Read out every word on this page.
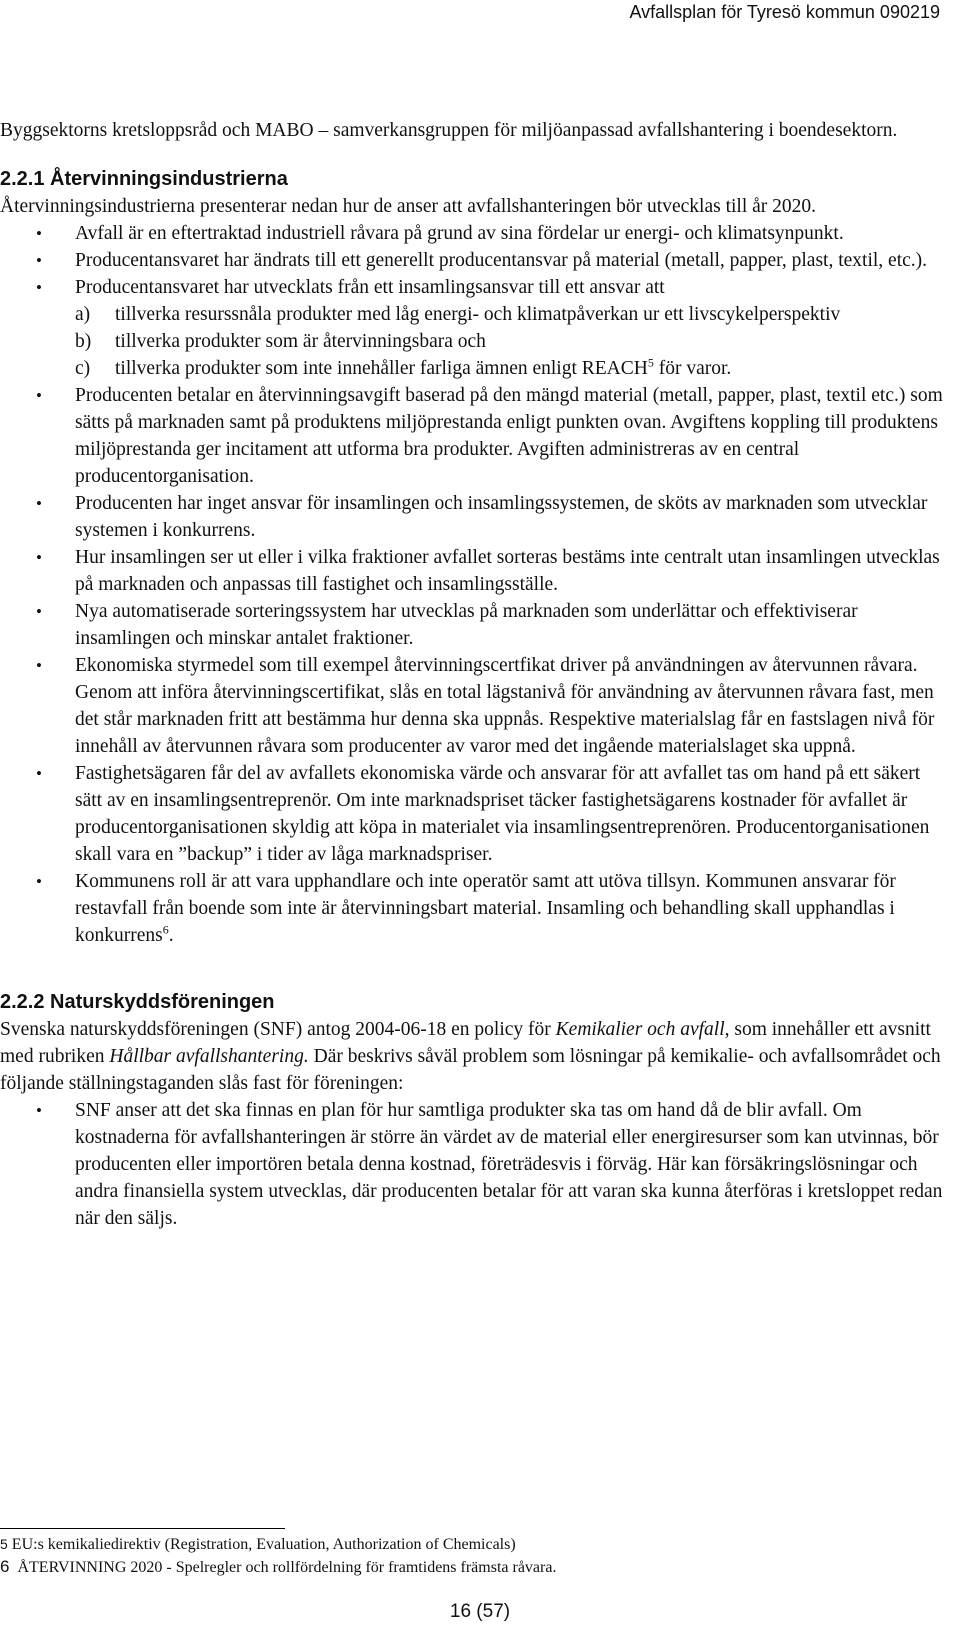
Avfallsplan för Tyresö kommun 090219

Byggsektorns kretsloppsråd och MABO – samverkansgruppen för miljöanpassad avfallshantering i boendesektorn.

2.2.1 Återvinningsindustrierna

Återvinningsindustrierna presenterar nedan hur de anser att avfallshanteringen bör utvecklas till år 2020.

• Avfall är en eftertraktad industriell råvara på grund av sina fördelar ur energi- och klimatsynpunkt.
• Producentansvaret har ändrats till ett generellt producentansvar på material (metall, papper, plast, textil, etc.).
• Producentansvaret har utvecklats från ett insamlingsansvar till ett ansvar att
a)	tillverka resurssnåla produkter med låg energi- och klimatpåverkan ur ett livscykelperspektiv
b)	tillverka produkter som är återvinningsbara och
c)	tillverka produkter som inte innehåller farliga ämnen enligt REACH$^5$ för varor.
• Producenten betalar en återvinningsavgift baserad på den mängd material (metall, papper, plast, textil etc.) som sätts på marknaden samt på produktens miljöprestanda enligt punkten ovan. Avgiftens koppling till produktens miljöprestanda ger incitament att utforma bra produkter. Avgiften administreras av en central producentorganisation.
• Producenten har inget ansvar för insamlingen och insamlingssystemen, de sköts av marknaden som utvecklar systemen i konkurrens.
• Hur insamlingen ser ut eller i vilka fraktioner avfallet sorteras bestäms inte centralt utan insamlingen utvecklas på marknaden och anpassas till fastighet och insamlingsställe.
• Nya automatiserade sorteringssystem har utvecklas på marknaden som underlättar och effektiviserar insamlingen och minskar antalet fraktioner.
• Ekonomiska styrmedel som till exempel återvinningscertfikat driver på användningen av återvunnen råvara. Genom att införa återvinningscertifikat, slås en total lägstanivå för användning av återvunnen råvara fast, men det står marknaden fritt att bestämma hur denna ska uppnås. Respektive materialslag får en fastslagen nivå för innehåll av återvunnen råvara som producenter av varor med det ingående materialslaget ska uppnå.
• Fastighetsägaren får del av avfallets ekonomiska värde och ansvarar för att avfallet tas om hand på ett säkert sätt av en insamlingsentreprenör. Om inte marknadspriset täcker fastighetsägarens kostnader för avfallet är producentorganisationen skyldig att köpa in materialet via insamlingsentreprenören. Producentorganisationen skall vara en ”backup” i tider av låga marknadspriser.
• Kommunens roll är att vara upphandlare och inte operatör samt att utöva tillsyn. Kommunen ansvarar för restavfall från boende som inte är återvinningsbart material. Insamling och behandling skall upphandlas i konkurrens$^6$.
2.2.2 Naturskyddsföreningen

Svenska naturskyddsföreningen (SNF) antog 2004-06-18 en policy för Kemikalier och avfall, som innehåller ett avsnitt med rubriken Hållbar avfallshantering. Där beskrivs såväl problem som lösningar på kemikalie- och avfallsområdet och följande ställningstaganden slås fast för föreningen:

• SNF anser att det ska finnas en plan för hur samtliga produkter ska tas om hand då de blir avfall. Om kostnaderna för avfallshanteringen är större än värdet av de material eller energiresurser som kan utvinnas, bör producenten eller importören betala denna kostnad, företrädesvis i förväg. Här kan försäkringslösningar och andra finansiella system utvecklas, där producenten betalar för att varan ska kunna återföras i kretsloppet redan när den säljs.
5 EU:s kemikaliedirektiv (Registration, Evaluation, Authorization of Chemicals)
6 ÅTERVINNING 2020 - Spelregler och rollfördelning för framtidens främsta råvara.
16 (57)
